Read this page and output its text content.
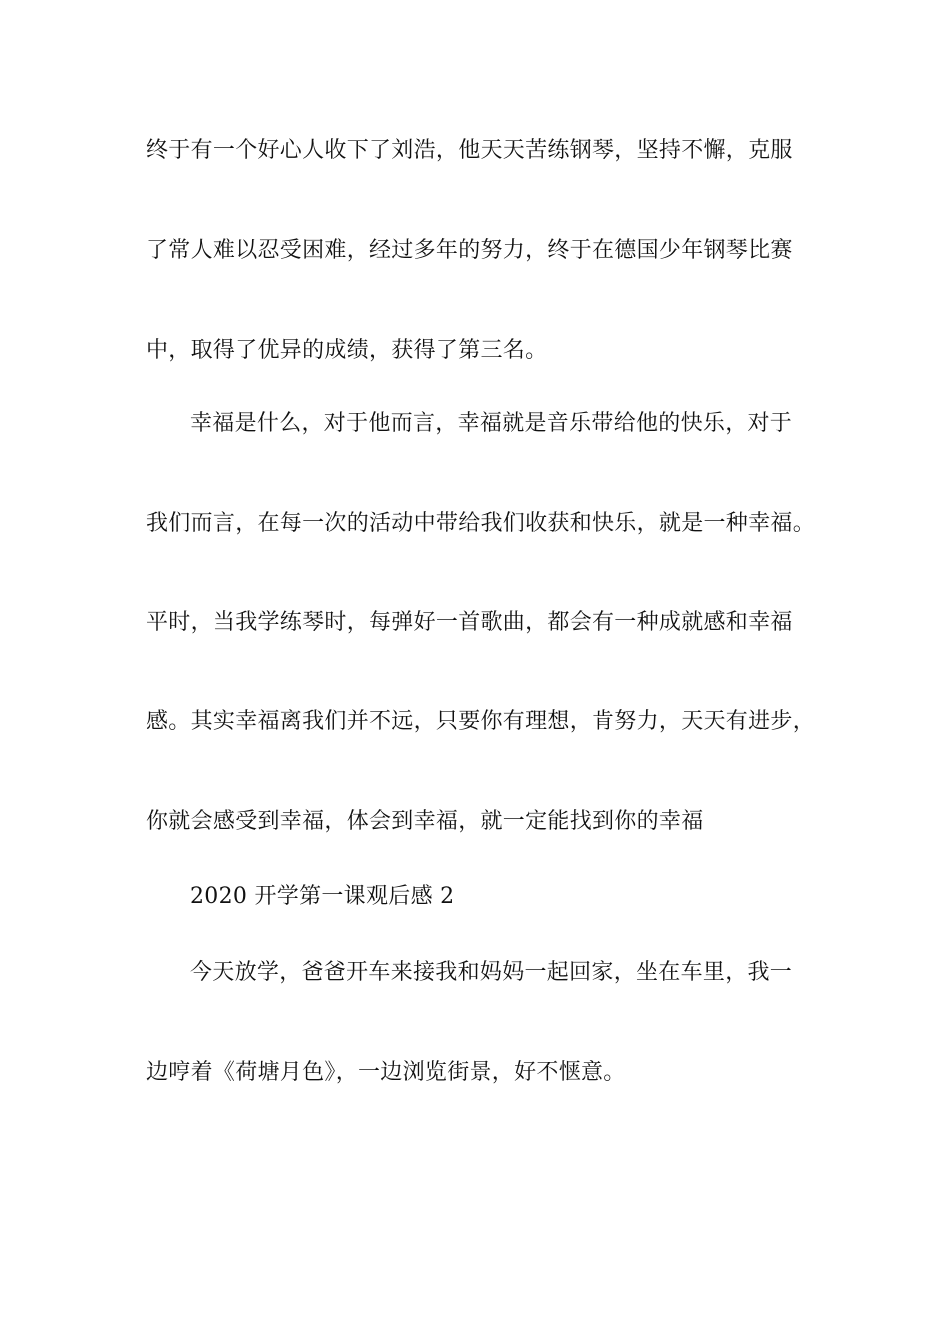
终于有一个好心人收下了刘浩，他天天苦练钢琴，坚持不懈，克服
了常人难以忍受困难，经过多年的努力，终于在德国少年钢琴比赛
中，取得了优异的成绩，获得了第三名。
幸福是什么，对于他而言，幸福就是音乐带给他的快乐，对于
我们而言，在每一次的活动中带给我们收获和快乐，就是一种幸福。
平时，当我学练琴时，每弹好一首歌曲，都会有一种成就感和幸福
感。其实幸福离我们并不远，只要你有理想，肯努力，天天有进步，
你就会感受到幸福，体会到幸福，就一定能找到你的幸福
2020 开学第一课观后感 2
今天放学，爸爸开车来接我和妈妈一起回家，坐在车里，我一
边哼着《荷塘月色》，一边浏览街景，好不惬意。
